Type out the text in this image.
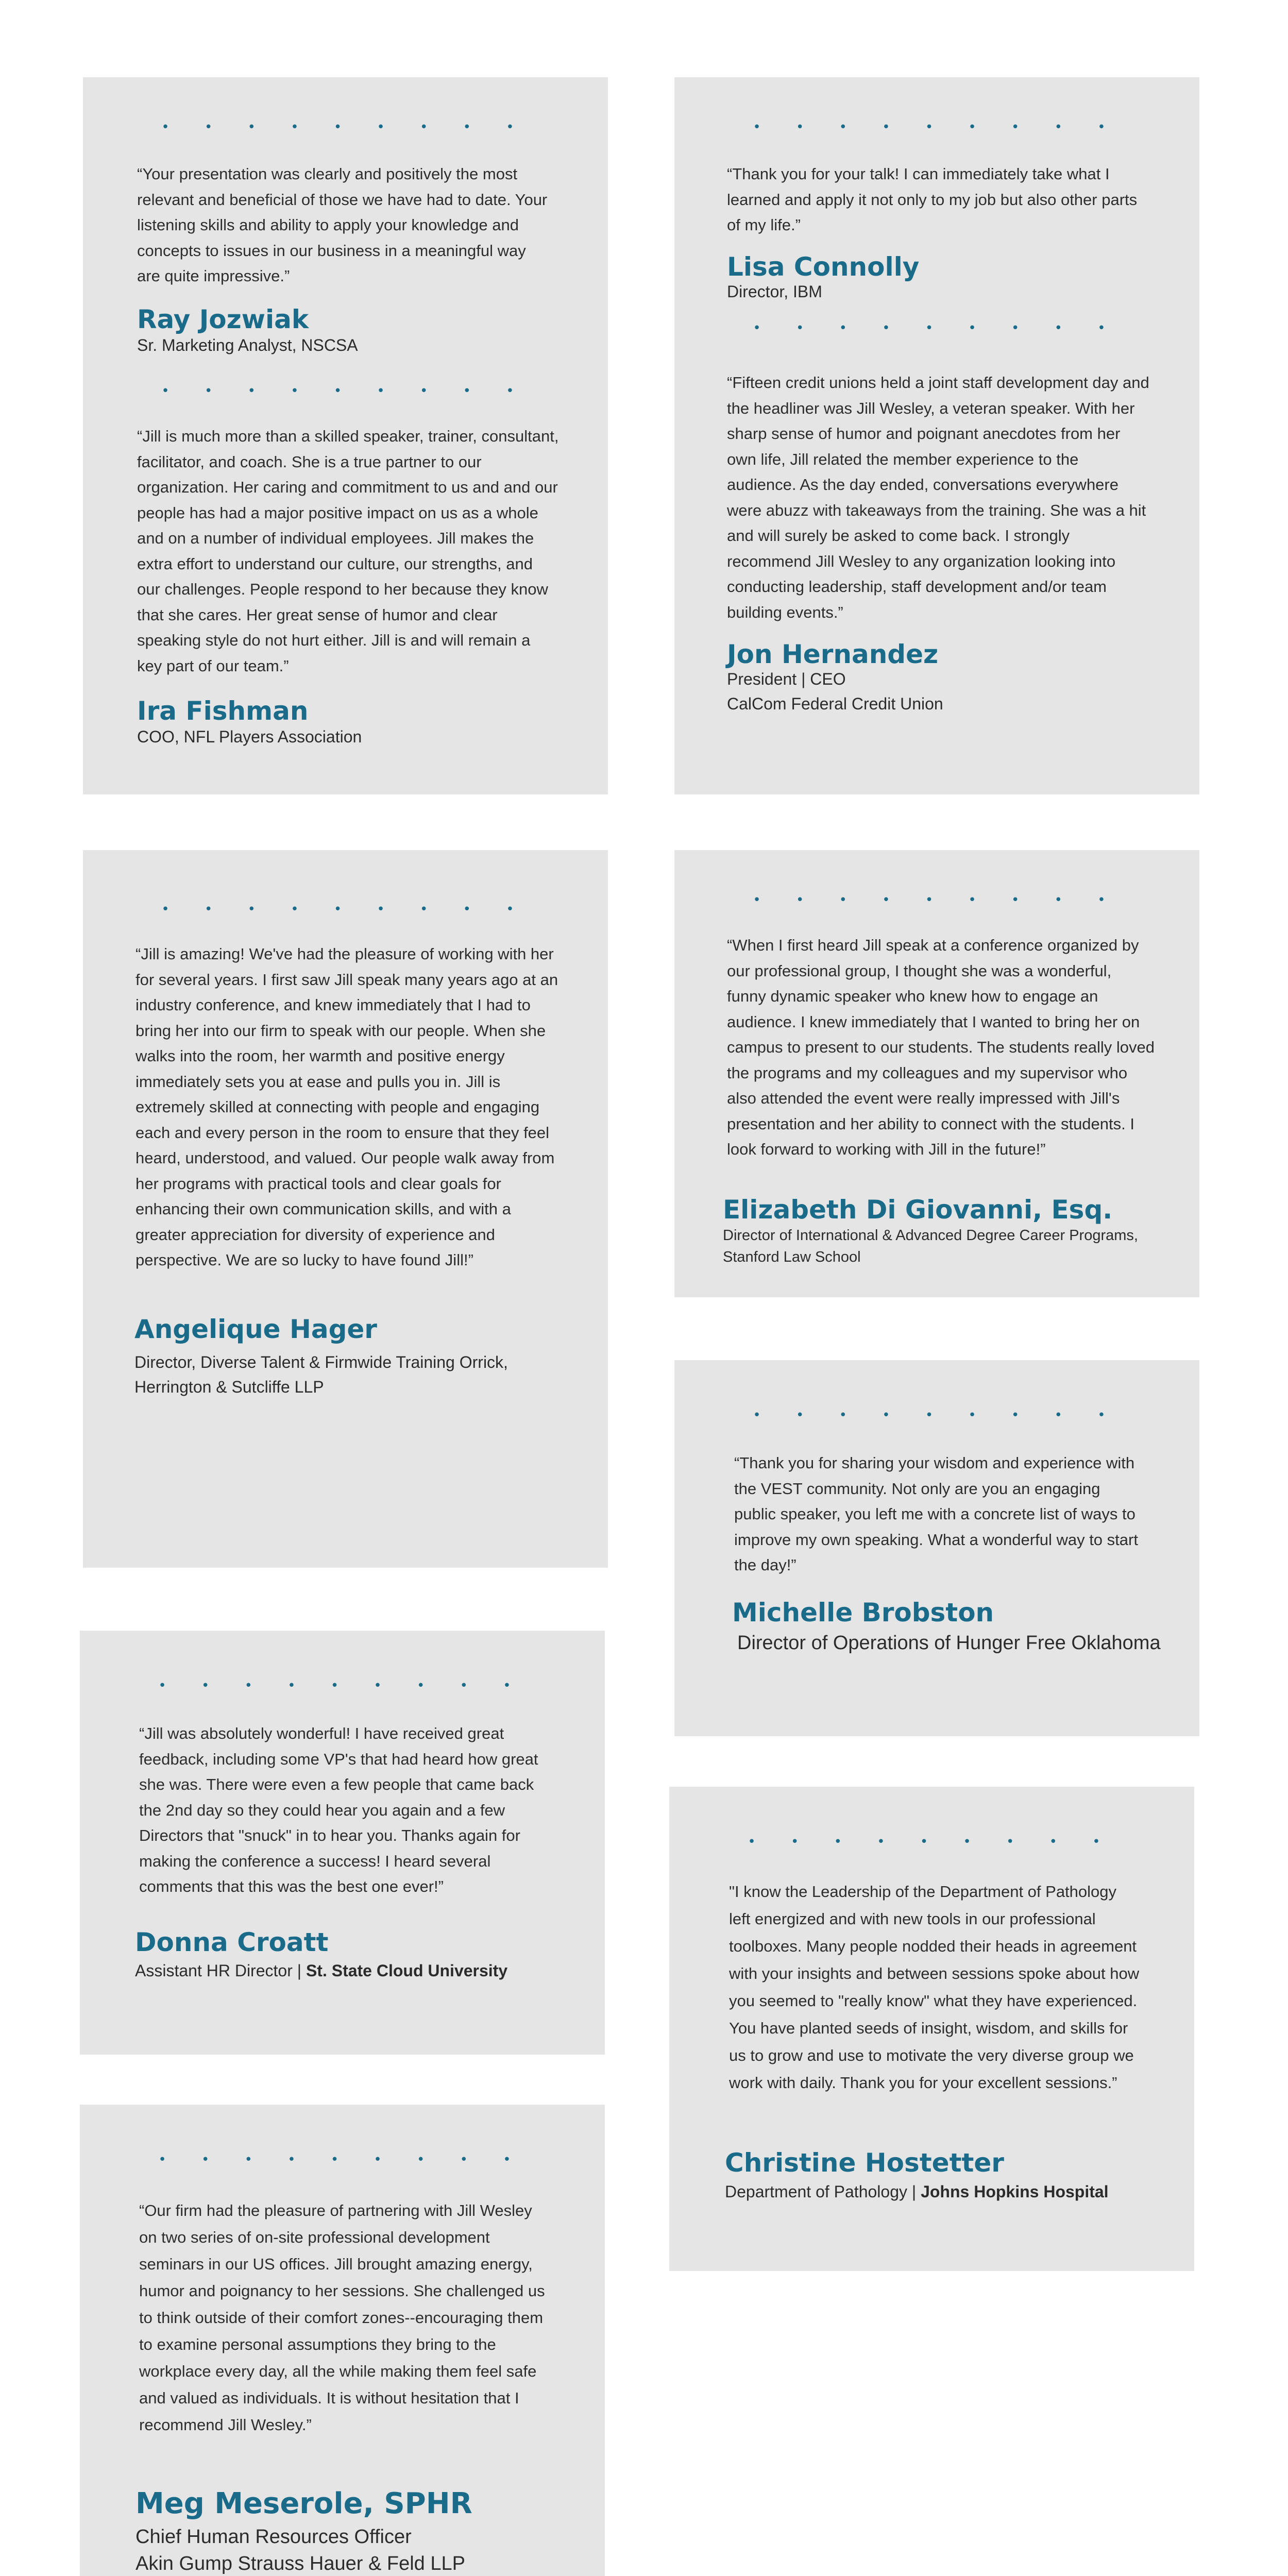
• • • • • • • • •

“Your presentation was clearly and positively the most relevant and beneficial of those we have had to date. Your listening skills and ability to apply your knowledge and concepts to issues in our business in a meaningful way are quite impressive.”

Ray Jozwiak

Sr. Marketing Analyst, NSCSA

• • • • • • • • •

“Jill is much more than a skilled speaker, trainer, consultant, facilitator, and coach. She is a true partner to our organization. Her caring and commitment to us and and our people has had a major positive impact on us as a whole and on a number of individual employees. Jill makes the extra effort to understand our culture, our strengths, and our challenges. People respond to her because they know that she cares. Her great sense of humor and clear speaking style do not hurt either. Jill is and will remain a key part of our team.”

Ira Fishman

COO, NFL Players Association

• • • • • • • • •

“Thank you for your talk! I can immediately take what I learned and apply it not only to my job but also other parts of my life.”

Lisa Connolly

Director, IBM

• • • • • • • • •

“Fifteen credit unions held a joint staff development day and the headliner was Jill Wesley, a veteran speaker. With her sharp sense of humor and poignant anecdotes from her own life, Jill related the member experience to the audience. As the day ended, conversations everywhere were abuzz with takeaways from the training. She was a hit and will surely be asked to come back. I strongly recommend Jill Wesley to any organization looking into conducting leadership, staff development and/or team building events.”

Jon Hernandez

President | CEO

CalCom Federal Credit Union

• • • • • • • • •

“Jill is amazing! We've had the pleasure of working with her for several years. I first saw Jill speak many years ago at an industry conference, and knew immediately that I had to bring her into our firm to speak with our people. When she walks into the room, her warmth and positive energy immediately sets you at ease and pulls you in. Jill is extremely skilled at connecting with people and engaging each and every person in the room to ensure that they feel heard, understood, and valued. Our people walk away from her programs with practical tools and clear goals for enhancing their own communication skills, and with a greater appreciation for diversity of experience and perspective. We are so lucky to have found Jill!”

Angelique Hager

Director, Diverse Talent & Firmwide Training Orrick, Herrington & Sutcliffe LLP

• • • • • • • • •

“When I first heard Jill speak at a conference organized by our professional group, I thought she was a wonderful, funny dynamic speaker who knew how to engage an audience. I knew immediately that I wanted to bring her on campus to present to our students. The students really loved the programs and my colleagues and my supervisor who also attended the event were really impressed with Jill's presentation and her ability to connect with the students. I look forward to working with Jill in the future!”

Elizabeth Di Giovanni, Esq.

Director of International & Advanced Degree Career Programs,

Stanford Law School

• • • • • • • • •

“Thank you for sharing your wisdom and experience with the VEST community. Not only are you an engaging public speaker, you left me with a concrete list of ways to improve my own speaking. What a wonderful way to start the day!”

Michelle Brobston

Director of Operations of Hunger Free Oklahoma

• • • • • • • • •

“Jill was absolutely wonderful! I have received great feedback, including some VP's that had heard how great she was. There were even a few people that came back the 2nd day so they could hear you again and a few Directors that "snuck" in to hear you. Thanks again for making the conference a success! I heard several comments that this was the best one ever!”

Donna Croatt

Assistant HR Director | St. State Cloud University

• • • • • • • • •

"I know the Leadership of the Department of Pathology left energized and with new tools in our professional toolboxes. Many people nodded their heads in agreement with your insights and between sessions spoke about how you seemed to "really know" what they have experienced. You have planted seeds of insight, wisdom, and skills for us to grow and use to motivate the very diverse group we work with daily. Thank you for your excellent sessions.”

Christine Hostetter

Department of Pathology | Johns Hopkins Hospital

• • • • • • • • •

“Our firm had the pleasure of partnering with Jill Wesley on two series of on-site professional development seminars in our US offices. Jill brought amazing energy, humor and poignancy to her sessions. She challenged us to think outside of their comfort zones--encouraging them to examine personal assumptions they bring to the workplace every day, all the while making them feel safe and valued as individuals. It is without hesitation that I recommend Jill Wesley.”

Meg Meserole, SPHR

Chief Human Resources Officer

Akin Gump Strauss Hauer & Feld LLP
